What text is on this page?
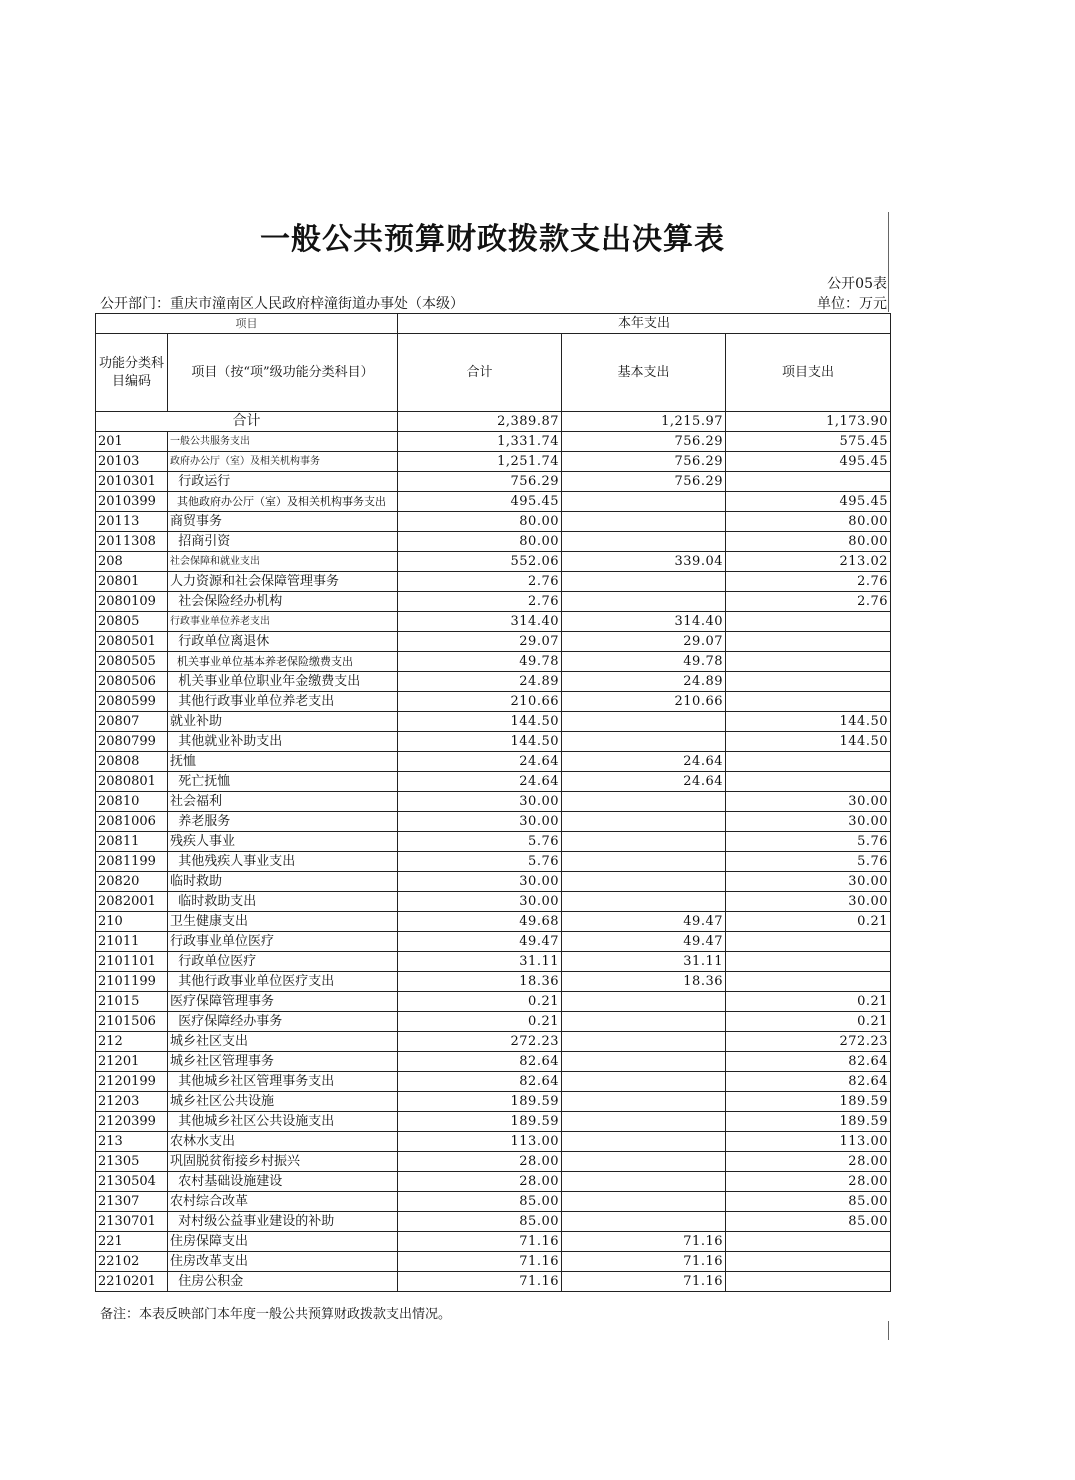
一般公共预算财政拨款支出决算表
公开05表
公开部门：重庆市潼南区人民政府梓潼街道办事处（本级）	单位：万元
项目		本年支出		
功能分类科目编码	项目（按“项”级功能分类科目）	合计	基本支出	项目支出
合计		2,389.87	1,215.97	1,173.90
201	一般公共服务支出	1,331.74	756.29	575.45
20103	政府办公厅（室）及相关机构事务	1,251.74	756.29	495.45
2010301	行政运行	756.29	756.29	
2010399	其他政府办公厅（室）及相关机构事务支出	495.45		495.45
20113	商贸事务	80.00		80.00
2011308	招商引资	80.00		80.00
208	社会保障和就业支出	552.06	339.04	213.02
20801	人力资源和社会保障管理事务	2.76		2.76
2080109	社会保险经办机构	2.76		2.76
20805	行政事业单位养老支出	314.40	314.40	
2080501	行政单位离退休	29.07	29.07	
2080505	机关事业单位基本养老保险缴费支出	49.78	49.78	
2080506	机关事业单位职业年金缴费支出	24.89	24.89	
2080599	其他行政事业单位养老支出	210.66	210.66	
20807	就业补助	144.50		144.50
2080799	其他就业补助支出	144.50		144.50
20808	抚恤	24.64	24.64	
2080801	死亡抚恤	24.64	24.64	
20810	社会福利	30.00		30.00
2081006	养老服务	30.00		30.00
20811	残疾人事业	5.76		5.76
2081199	其他残疾人事业支出	5.76		5.76
20820	临时救助	30.00		30.00
2082001	临时救助支出	30.00		30.00
210	卫生健康支出	49.68	49.47	0.21
21011	行政事业单位医疗	49.47	49.47	
2101101	行政单位医疗	31.11	31.11	
2101199	其他行政事业单位医疗支出	18.36	18.36	
21015	医疗保障管理事务	0.21		0.21
2101506	医疗保障经办事务	0.21		0.21
212	城乡社区支出	272.23		272.23
21201	城乡社区管理事务	82.64		82.64
2120199	其他城乡社区管理事务支出	82.64		82.64
21203	城乡社区公共设施	189.59		189.59
2120399	其他城乡社区公共设施支出	189.59		189.59
213	农林水支出	113.00		113.00
21305	巩固脱贫衔接乡村振兴	28.00		28.00
2130504	农村基础设施建设	28.00		28.00
21307	农村综合改革	85.00		85.00
2130701	对村级公益事业建设的补助	85.00		85.00
221	住房保障支出	71.16	71.16	
22102	住房改革支出	71.16	71.16	
2210201	住房公积金	71.16	71.16	
备注：本表反映部门本年度一般公共预算财政拨款支出情况。
